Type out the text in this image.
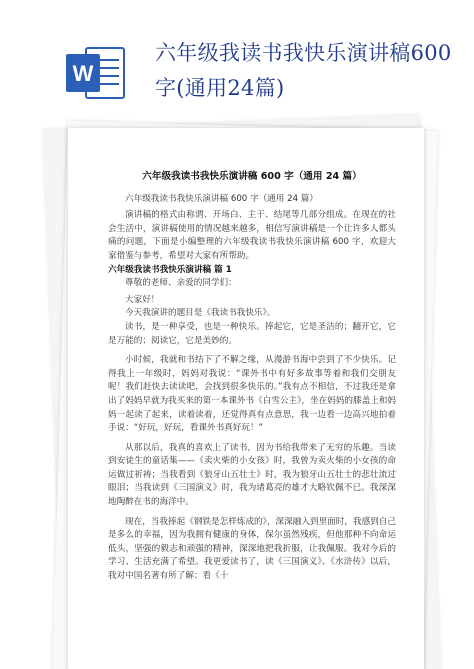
W
六年级我读书我快乐演讲稿600字(通用24篇)
六年级我读书我快乐演讲稿 600 字（通用 24 篇）
六年级我读书我快乐演讲稿 600 字（通用 24 篇）
演讲稿的格式由称谓、开场白、主干、结尾等几部分组成。在现在的社会生活中，演讲稿使用的情况越来越多，相信写演讲稿是一个让许多人都头痛的问题，下面是小编整理的六年级我读书我快乐演讲稿 600 字，欢迎大家借鉴与参考，希望对大家有所帮助。
六年级我读书我快乐演讲稿 篇 1
尊敬的老师、亲爱的同学们：
大家好！
今天我演讲的题目是《我读书我快乐》。
读书，是一种享受，也是一种快乐。捧起它，它是圣洁的；翻开它，它是万能的；阅读它，它是美妙的。
小时候，我就和书结下了不解之缘，从漫游书海中尝到了不少快乐。记得我上一年级时，妈妈对我说：“课外书中有好多故事等着和我们交朋友呢！我们赶快去读读吧，会找到很多快乐的。”我有点不相信，不过我还是拿出了妈妈早就为我买来的第一本课外书《白雪公主》，坐在妈妈的膝盖上和妈妈一起读了起来，读着读着，还觉得真有点意思，我一边看一边高兴地拍着手说：“好玩，好玩，看课外书真好玩！”
从那以后，我真的喜欢上了读书，因为书给我带来了无穷的乐趣。当读到安徒生的童话集——《卖火柴的小女孩》时，我曾为卖火柴的小女孩的命运做过祈祷；当我看到《狼牙山五壮士》时，我为狼牙山五壮士的悲壮流过眼泪；当我读到《三国演义》时，我为诸葛亮的雄才大略钦佩不已。我深深地陶醉在书的海洋中。
现在，当我捧起《钢铁是怎样炼成的》，深深融入到里面时，我感到自己是多么的幸福，因为我拥有健康的身体，保尔虽然残疾，但他那种不向命运低头，坚强的毅志和顽强的精神，深深地把我折服，让我佩服。我对今后的学习、生活充满了希望。我更爱读书了，读《三国演义》、《水浒传》以后，我对中国名著有所了解；看《十
